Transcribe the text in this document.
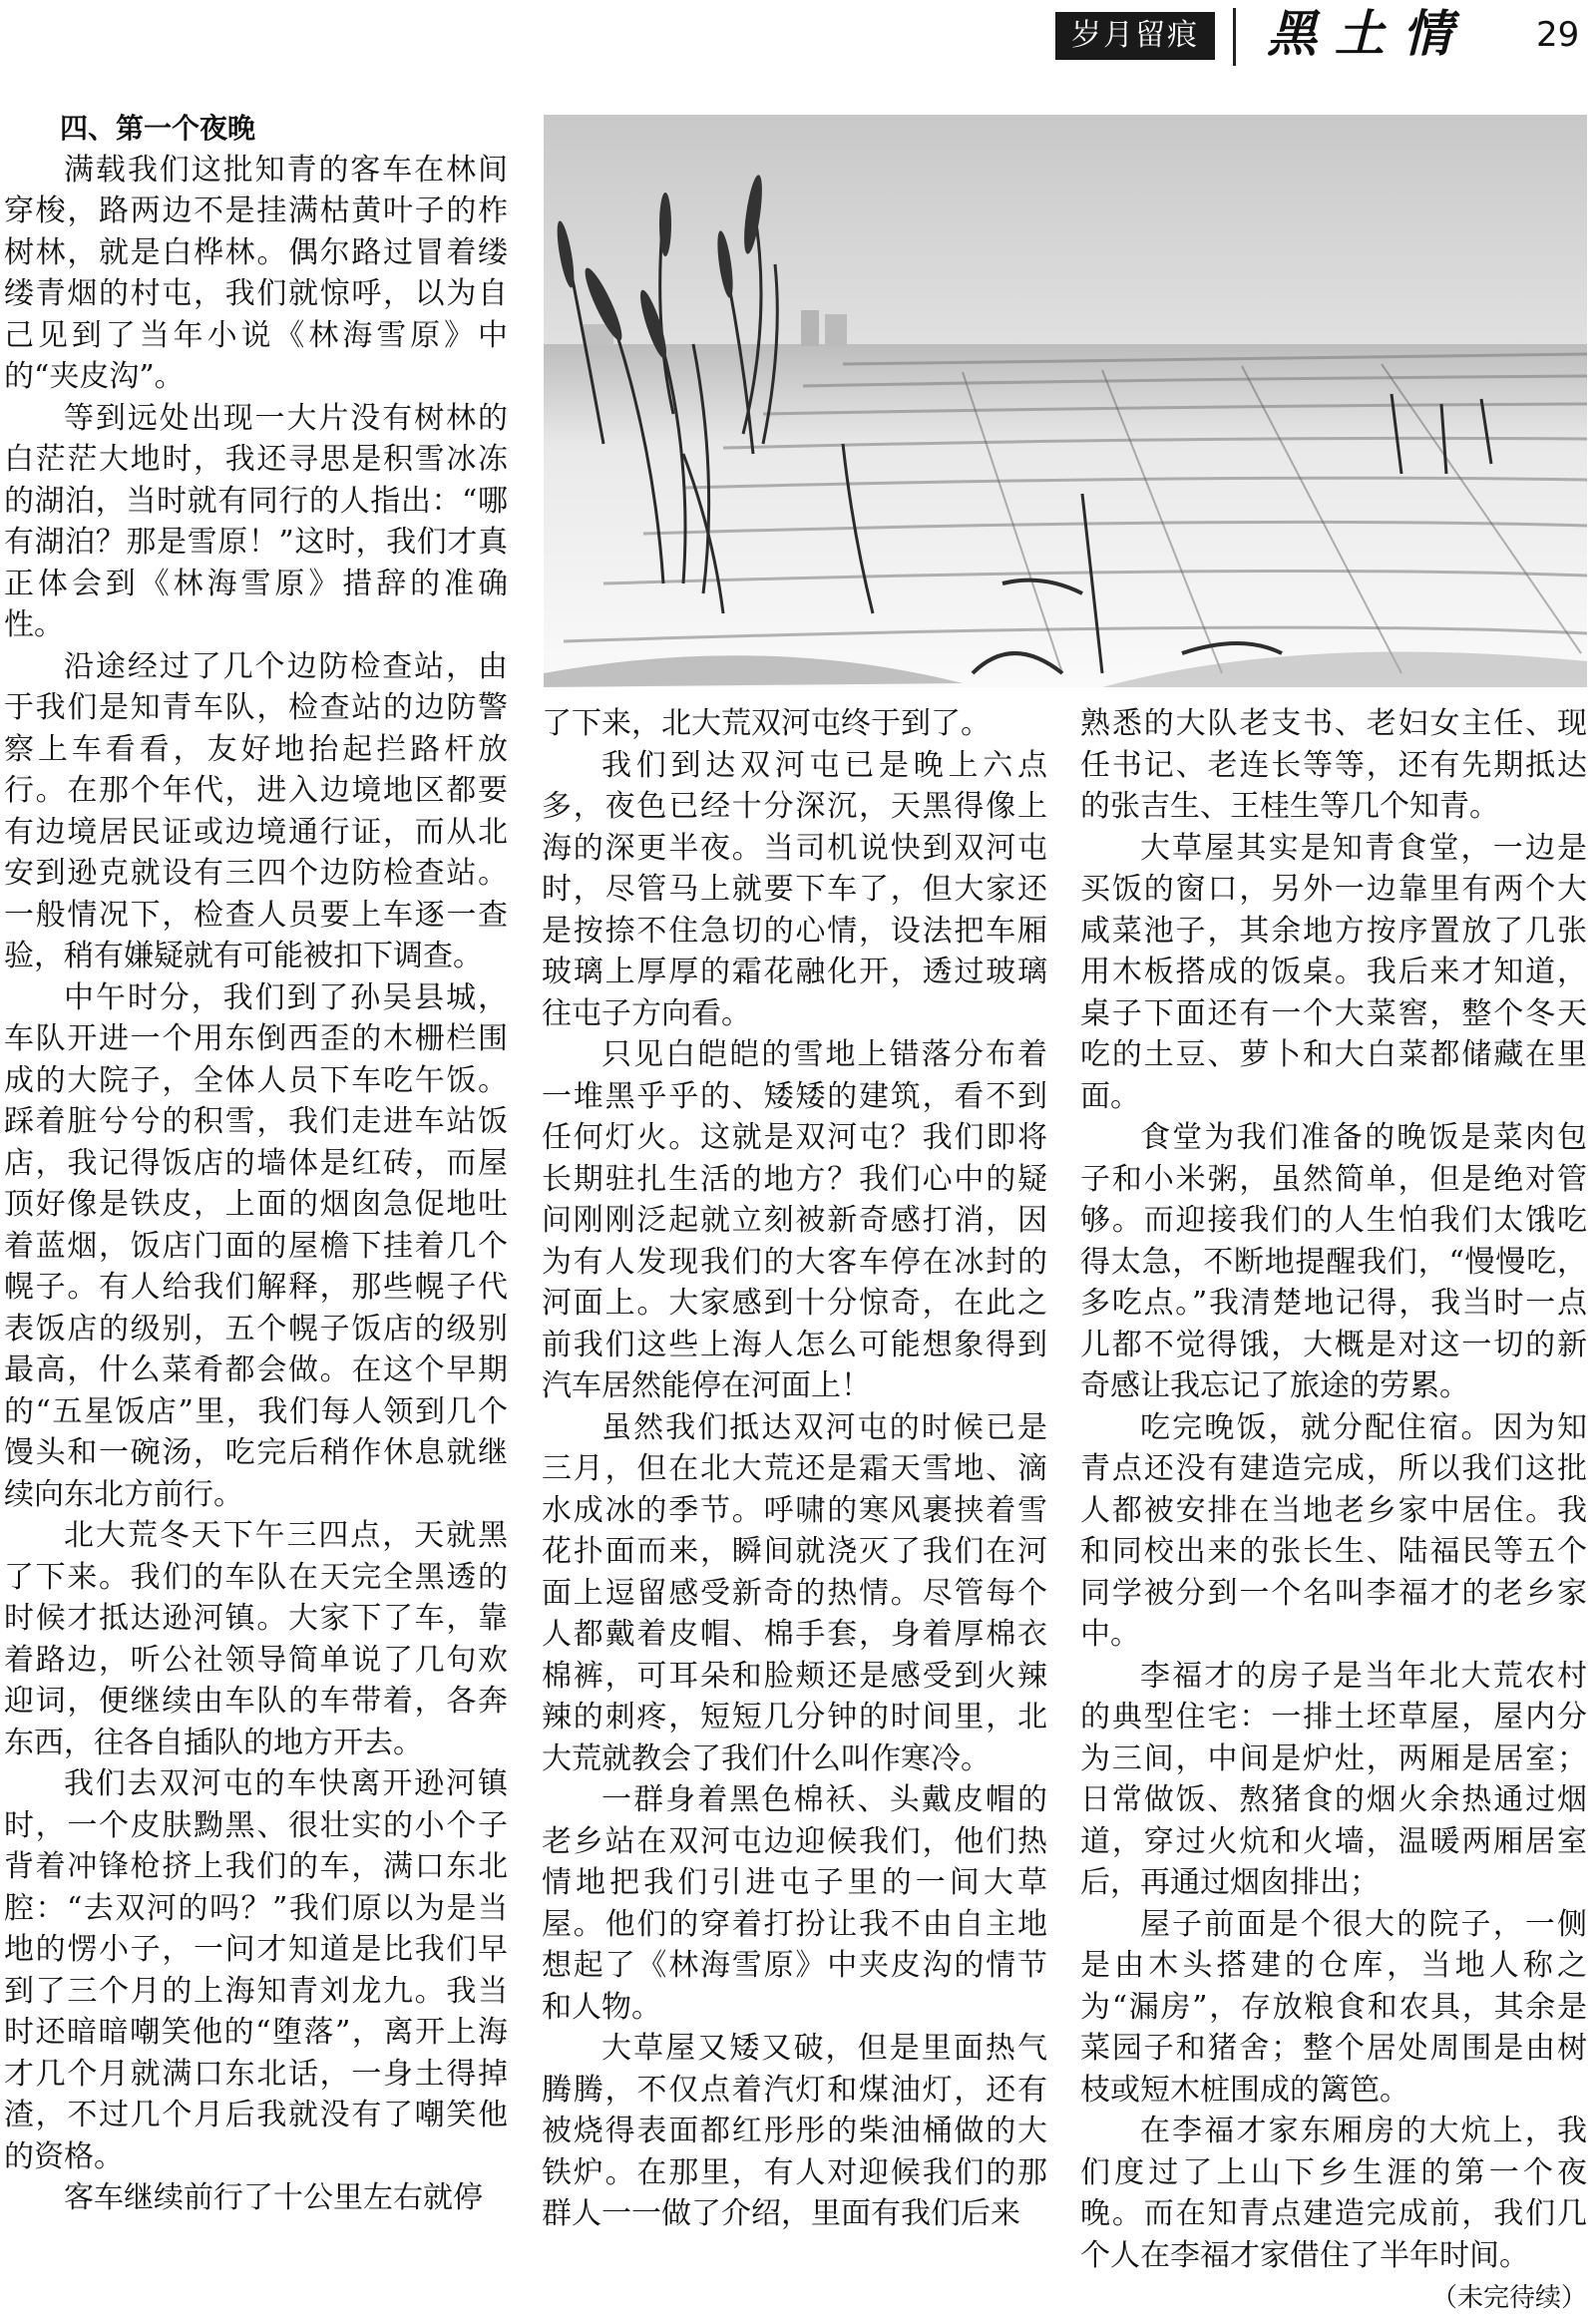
岁月留痕	黑土情 29
四、第一个夜晚

满载我们这批知青的客车在林间穿梭，路两边不是挂满枯黄叶子的柞树林，就是白桦林。偶尔路过冒着缕缕青烟的村屯，我们就惊呼，以为自己见到了当年小说《林海雪原》中的“夹皮沟”。

等到远处出现一大片没有树林的白茫茫大地时，我还寻思是积雪冰冻的湖泊，当时就有同行的人指出：“哪有湖泊？那是雪原！”这时，我们才真正体会到《林海雪原》措辞的准确性。

沿途经过了几个边防检查站，由于我们是知青车队，检查站的边防警察上车看看，友好地抬起拦路杆放行。在那个年代，进入边境地区都要有边境居民证或边境通行证，而从北安到逊克就设有三四个边防检查站。一般情况下，检查人员要上车逐一查验，稍有嫌疑就有可能被扣下调查。

中午时分，我们到了孙吴县城，车队开进一个用东倒西歪的木栅栏围成的大院子，全体人员下车吃午饭。踩着脏兮兮的积雪，我们走进车站饭店，我记得饭店的墙体是红砖，而屋顶好像是铁皮，上面的烟囱急促地吐着蓝烟，饭店门面的屋檐下挂着几个幌子。有人给我们解释，那些幌子代表饭店的级别，五个幌子饭店的级别最高，什么菜肴都会做。在这个早期的“五星饭店”里，我们每人领到几个馒头和一碗汤，吃完后稍作休息就继续向东北方前行。

北大荒冬天下午三四点，天就黑了下来。我们的车队在天完全黑透的时候才抵达逊河镇。大家下了车，靠着路边，听公社领导简单说了几句欢迎词，便继续由车队的车带着，各奔东西，往各自插队的地方开去。

我们去双河屯的车快离开逊河镇时，一个皮肤黝黑、很壮实的小个子背着冲锋枪挤上我们的车，满口东北腔：“去双河的吗？”我们原以为是当地的愣小子，一问才知道是比我们早到了三个月的上海知青刘龙九。我当时还暗暗嘲笑他的“堕落”，离开上海才几个月就满口东北话，一身土得掉渣，不过几个月后我就没有了嘲笑他的资格。

客车继续前行了十公里左右就停

了下来，北大荒双河屯终于到了。

我们到达双河屯已是晚上六点多，夜色已经十分深沉，天黑得像上海的深更半夜。当司机说快到双河屯时，尽管马上就要下车了，但大家还是按捺不住急切的心情，设法把车厢玻璃上厚厚的霜花融化开，透过玻璃往屯子方向看。

只见白皑皑的雪地上错落分布着一堆黑乎乎的、矮矮的建筑，看不到任何灯火。这就是双河屯？我们即将长期驻扎生活的地方？我们心中的疑问刚刚泛起就立刻被新奇感打消，因为有人发现我们的大客车停在冰封的河面上。大家感到十分惊奇，在此之前我们这些上海人怎么可能想象得到汽车居然能停在河面上！

虽然我们抵达双河屯的时候已是三月，但在北大荒还是霜天雪地、滴水成冰的季节。呼啸的寒风裹挟着雪花扑面而来，瞬间就浇灭了我们在河面上逗留感受新奇的热情。尽管每个人都戴着皮帽、棉手套，身着厚棉衣棉裤，可耳朵和脸颊还是感受到火辣辣的刺疼，短短几分钟的时间里，北大荒就教会了我们什么叫作寒冷。

一群身着黑色棉袄、头戴皮帽的老乡站在双河屯边迎候我们，他们热情地把我们引进屯子里的一间大草屋。他们的穿着打扮让我不由自主地想起了《林海雪原》中夹皮沟的情节和人物。

大草屋又矮又破，但是里面热气腾腾，不仅点着汽灯和煤油灯，还有被烧得表面都红彤彤的柴油桶做的大铁炉。在那里，有人对迎候我们的那群人一一做了介绍，里面有我们后来

熟悉的大队老支书、老妇女主任、现任书记、老连长等等，还有先期抵达的张吉生、王桂生等几个知青。

大草屋其实是知青食堂，一边是买饭的窗口，另外一边靠里有两个大咸菜池子，其余地方按序置放了几张用木板搭成的饭桌。我后来才知道，桌子下面还有一个大菜窖，整个冬天吃的土豆、萝卜和大白菜都储藏在里面。

食堂为我们准备的晚饭是菜肉包子和小米粥，虽然简单，但是绝对管够。而迎接我们的人生怕我们太饿吃得太急，不断地提醒我们，“慢慢吃，多吃点。”我清楚地记得，我当时一点儿都不觉得饿，大概是对这一切的新奇感让我忘记了旅途的劳累。

吃完晚饭，就分配住宿。因为知青点还没有建造完成，所以我们这批人都被安排在当地老乡家中居住。我和同校出来的张长生、陆福民等五个同学被分到一个名叫李福才的老乡家中。

李福才的房子是当年北大荒农村的典型住宅：一排土坯草屋，屋内分为三间，中间是炉灶，两厢是居室；日常做饭、熬猪食的烟火余热通过烟道，穿过火炕和火墙，温暖两厢居室后，再通过烟囱排出；

屋子前面是个很大的院子，一侧是由木头搭建的仓库，当地人称之为“漏房”，存放粮食和农具，其余是菜园子和猪舍；整个居处周围是由树枝或短木桩围成的篱笆。

在李福才家东厢房的大炕上，我们度过了上山下乡生涯的第一个夜晚。而在知青点建造完成前，我们几个人在李福才家借住了半年时间。

（未完待续）
